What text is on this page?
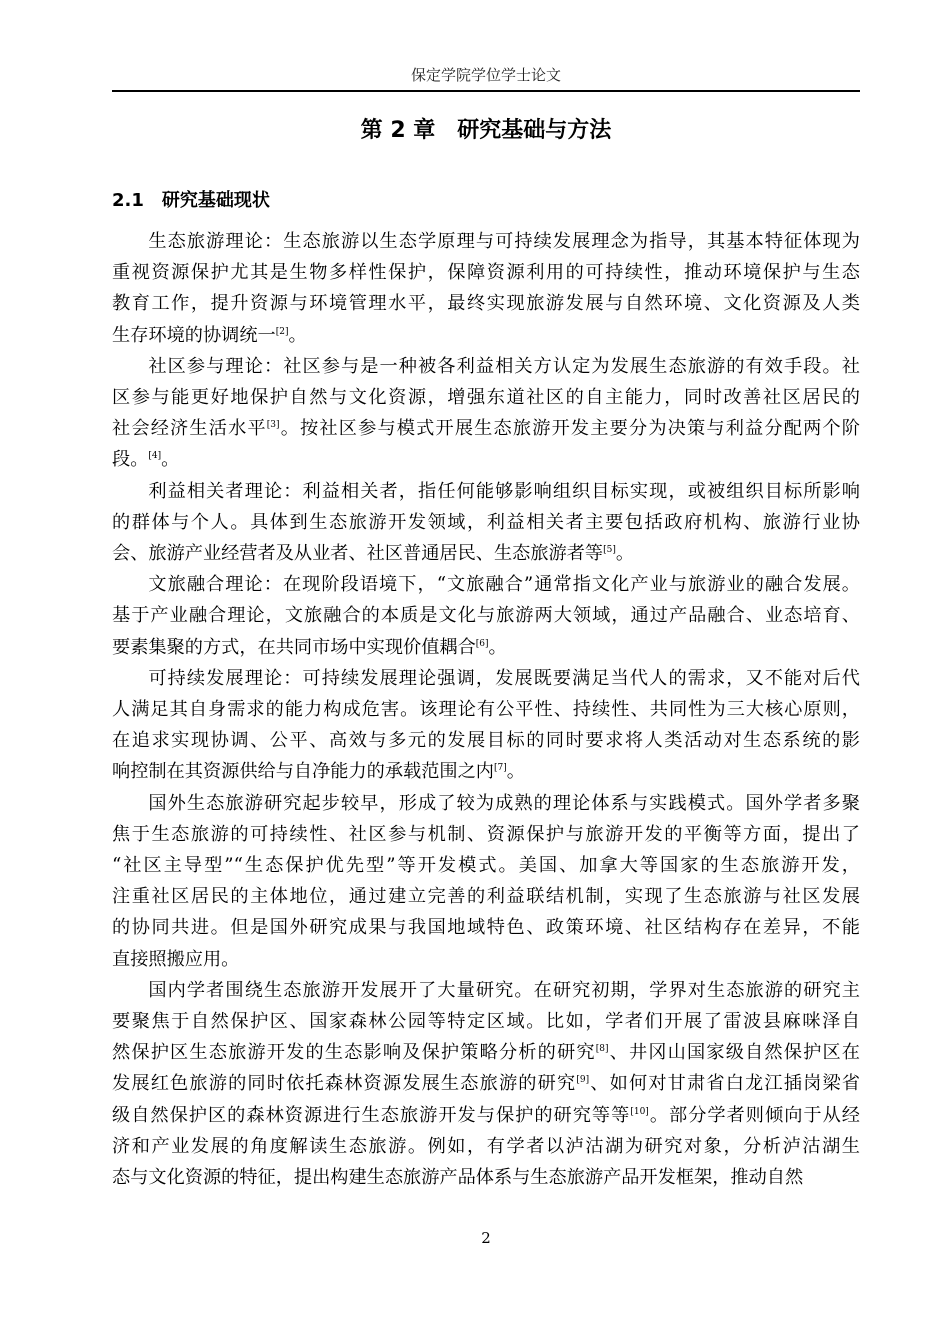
保定学院学位学士论文
第 2 章　研究基础与方法
2.1　研究基础现状
生态旅游理论：生态旅游以生态学原理与可持续发展理念为指导，其基本特征体现为
重视资源保护尤其是生物多样性保护，保障资源利用的可持续性，推动环境保护与生态
教育工作，提升资源与环境管理水平，最终实现旅游发展与自然环境、文化资源及人类
生存环境的协调统一[2]。
社区参与理论：社区参与是一种被各利益相关方认定为发展生态旅游的有效手段。社
区参与能更好地保护自然与文化资源，增强东道社区的自主能力，同时改善社区居民的
社会经济生活水平[3]。按社区参与模式开展生态旅游开发主要分为决策与利益分配两个阶
段。[4]。
利益相关者理论：利益相关者，指任何能够影响组织目标实现，或被组织目标所影响
的群体与个人。具体到生态旅游开发领域，利益相关者主要包括政府机构、旅游行业协
会、旅游产业经营者及从业者、社区普通居民、生态旅游者等[5]。
文旅融合理论：在现阶段语境下，“文旅融合”通常指文化产业与旅游业的融合发展。
基于产业融合理论，文旅融合的本质是文化与旅游两大领域，通过产品融合、业态培育、
要素集聚的方式，在共同市场中实现价值耦合[6]。
可持续发展理论：可持续发展理论强调，发展既要满足当代人的需求，又不能对后代
人满足其自身需求的能力构成危害。该理论有公平性、持续性、共同性为三大核心原则，
在追求实现协调、公平、高效与多元的发展目标的同时要求将人类活动对生态系统的影
响控制在其资源供给与自净能力的承载范围之内[7]。
国外生态旅游研究起步较早，形成了较为成熟的理论体系与实践模式。国外学者多聚
焦于生态旅游的可持续性、社区参与机制、资源保护与旅游开发的平衡等方面，提出了
“社区主导型”“生态保护优先型”等开发模式。美国、加拿大等国家的生态旅游开发，
注重社区居民的主体地位，通过建立完善的利益联结机制，实现了生态旅游与社区发展
的协同共进。但是国外研究成果与我国地域特色、政策环境、社区结构存在差异，不能
直接照搬应用。
国内学者围绕生态旅游开发展开了大量研究。在研究初期，学界对生态旅游的研究主
要聚焦于自然保护区、国家森林公园等特定区域。比如，学者们开展了雷波县麻咪泽自
然保护区生态旅游开发的生态影响及保护策略分析的研究[8]、井冈山国家级自然保护区在
发展红色旅游的同时依托森林资源发展生态旅游的研究[9]、如何对甘肃省白龙江插岗梁省
级自然保护区的森林资源进行生态旅游开发与保护的研究等等[10]。部分学者则倾向于从经
济和产业发展的角度解读生态旅游。例如，有学者以泸沽湖为研究对象，分析泸沽湖生
态与文化资源的特征，提出构建生态旅游产品体系与生态旅游产品开发框架，推动自然
2
